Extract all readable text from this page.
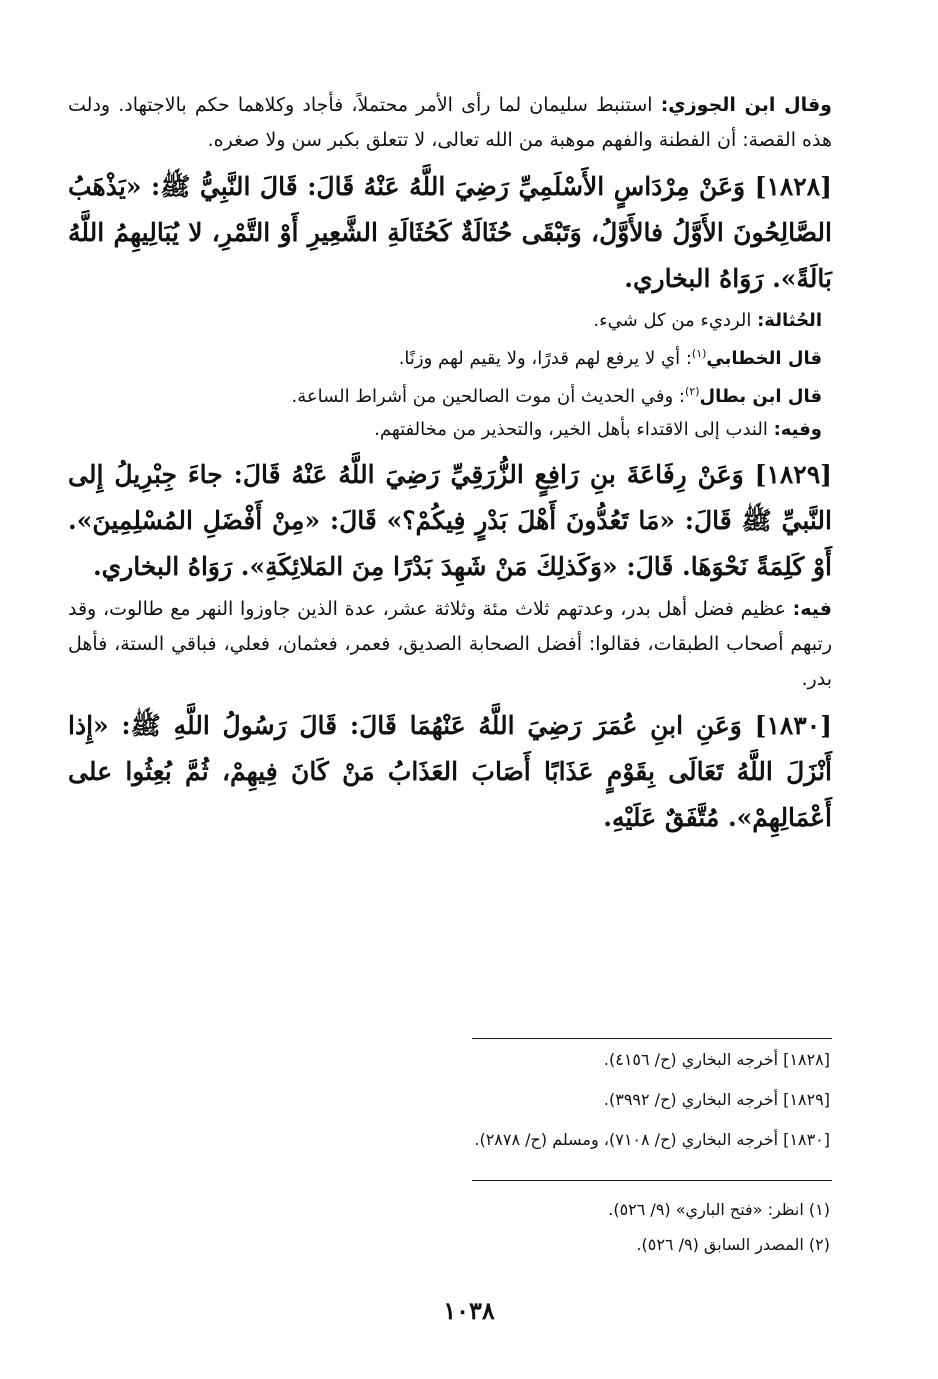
وقال ابن الجوزي: استنبط سليمان لما رأى الأمر محتملاً، فأجاد وكلاهما حكم بالاجتهاد. ودلت هذه القصة: أن الفطنة والفهم موهبة من الله تعالى، لا تتعلق بكبر سن ولا صغره.

[١٨٢٨] وَعَنْ مِرْدَاسٍ الأَسْلَمِيِّ رَضِيَ اللَّهُ عَنْهُ قَالَ: قَالَ النَّبِيُّ ﷺ: «يَذْهَبُ الصَّالِحُونَ الأَوَّلُ فالأَوَّلُ، وَتَبْقَى حُثَالَةٌ كَحُثَالَةِ الشَّعِيرِ أَوْ التَّمْرِ، لا يُبَالِيهِمُ اللَّهُ بَالَةً». رَوَاهُ البخاري.

الحُثالة: الرديء من كل شيء.

قال الخطابي$^{(١)}$: أي لا يرفع لهم قدرًا، ولا يقيم لهم وزنًا.

قال ابن بطال$^{(٢)}$: وفي الحديث أن موت الصالحين من أشراط الساعة.

وفيه: الندب إلى الاقتداء بأهل الخير، والتحذير من مخالفتهم.

[١٨٢٩] وَعَنْ رِفَاعَةَ بنِ رَافِعٍ الزُّرَقِيِّ رَضِيَ اللَّهُ عَنْهُ قَالَ: جاءَ جِبْرِيلُ إِلى النَّبيِّ ﷺ قَالَ: «مَا تَعُدُّونَ أَهْلَ بَدْرٍ فِيكُمْ؟» قَالَ: «مِنْ أَفْضَلِ المُسْلِمِينَ». أَوْ كَلِمَةً نَحْوَهَا. قَالَ: «وَكَذلِكَ مَنْ شَهِدَ بَدْرًا مِنَ المَلائِكَةِ». رَوَاهُ البخاري.

فيه: عظيم فضل أهل بدر، وعدتهم ثلاث مئة وثلاثة عشر، عدة الذين جاوزوا النهر مع طالوت، وقد رتبهم أصحاب الطبقات، فقالوا: أفضل الصحابة الصديق، فعمر، فعثمان، فعلي، فباقي الستة، فأهل بدر.

[١٨٣٠] وَعَنِ ابنِ عُمَرَ رَضِيَ اللَّهُ عَنْهُمَا قَالَ: قَالَ رَسُولُ اللَّهِ ﷺ: «إِذا أَنْزَلَ اللَّهُ تَعَالَى بِقَوْمٍ عَذَابًا أَصَابَ العَذَابُ مَنْ كَانَ فِيهِمْ، ثُمَّ بُعِثُوا على أَعْمَالِهِمْ». مُتَّفَقٌ عَلَيْهِ.

[١٨٢٨] أخرجه البخاري (ح/ ٤١٥٦).
[١٨٢٩] أخرجه البخاري (ح/ ٣٩٩٢).
[١٨٣٠] أخرجه البخاري (ح/ ٧١٠٨)، ومسلم (ح/ ٢٨٧٨).
(١) انظر: «فتح الباري» (٩/ ٥٢٦).
(٢) المصدر السابق (٩/ ٥٢٦).
١٠٣٨
